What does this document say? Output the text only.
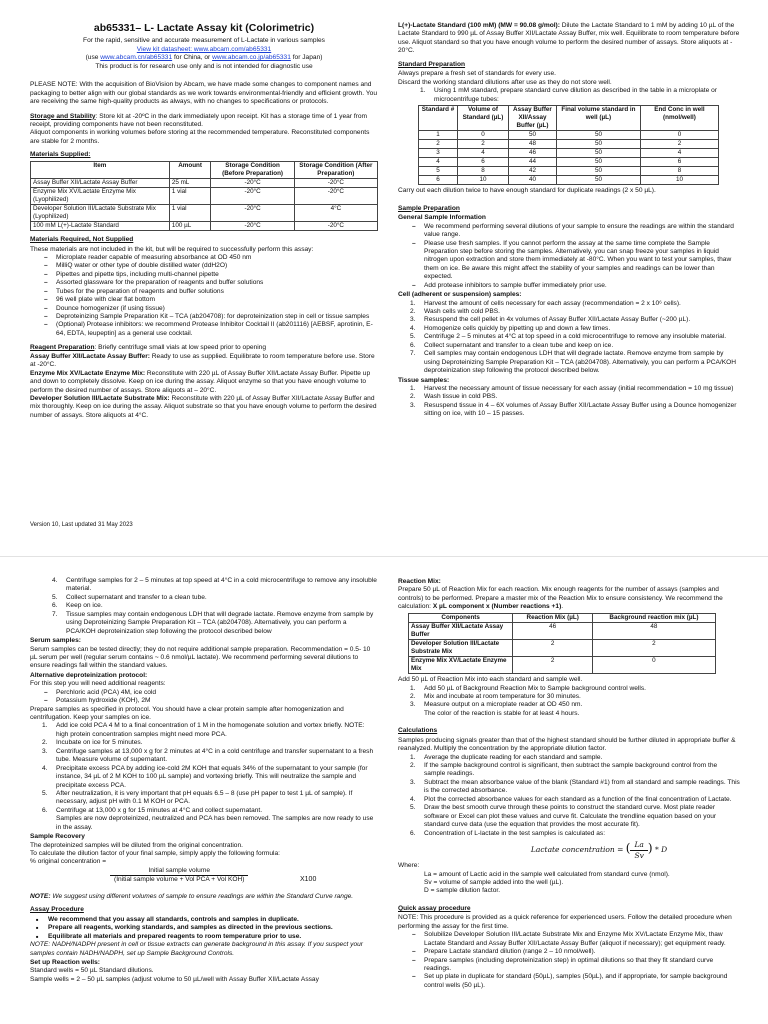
ab65331– L- Lactate Assay kit (Colorimetric)
For the rapid, sensitive and accurate measurement of L-Lactate in various samples
View kit datasheet: www.abcam.com/ab65331
(use www.abcam.cn/ab65331 for China, or www.abcam.co.jp/ab65331 for Japan)
This product is for research use only and is not intended for diagnostic use

PLEASE NOTE: With the acquisition of BioVision by Abcam, we have made some changes to component names and packaging to better align with our global standards as we work towards environmental-friendly and efficient growth. You are receiving the same high-quality products as always, with no changes to specifications or protocols.

Storage and Stability: Store kit at -20ºC in the dark immediately upon receipt. Kit has a storage time of 1 year from receipt, providing components have not been reconstituted.
Aliquot components in working volumes before storing at the recommended temperature. Reconstituted components are stable for 2 months.

Materials Supplied:
Item	Amount	Storage Condition (Before Preparation)	Storage Condition (After Preparation)
Assay Buffer XII/Lactate Assay Buffer	25 mL	-20°C	-20°C
Enzyme Mix XV/Lactate Enzyme Mix (Lyophilized)	1 vial	-20°C	-20°C
Developer Solution III/Lactate Substrate Mix (Lyophilized)	1 vial	-20°C	4°C
100 mM L(+)-Lactate Standard	100 µL	-20°C	-20°C
Materials Required, Not Supplied
These materials are not included in the kit, but will be required to successfully perform this assay:
– Microplate reader capable of measuring absorbance at OD 450 nm
– MilliQ water or other type of double distilled water (ddH2O)
– Pipettes and pipette tips, including multi-channel pipette
– Assorted glassware for the preparation of reagents and buffer solutions
– Tubes for the preparation of reagents and buffer solutions
– 96 well plate with clear flat bottom
– Dounce homogenizer (if using tissue)
– Deproteinizing Sample Preparation Kit – TCA (ab204708): for deproteinization step in cell or tissue samples
– (Optional) Protease inhibitors: we recommend Protease Inhibitor Cocktail II (ab201116) [AEBSF, aprotinin, E-64, EDTA, leupeptin] as a general use cocktail.

Reagent Preparation: Briefly centrifuge small vials at low speed prior to opening

Assay Buffer XII/Lactate Assay Buffer: Ready to use as supplied. Equilibrate to room temperature before use. Store at -20°C.

Enzyme Mix XV/Lactate Enzyme Mix: Reconstitute with 220 µL of Assay Buffer XII/Lactate Assay Buffer. Pipette up and down to completely dissolve. Keep on ice during the assay. Aliquot enzyme so that you have enough volume to perform the desired number of assays. Store aliquots at – 20°C.

Developer Solution III/Lactate Substrate Mix: Reconstitute with 220 µL of Assay Buffer XII/Lactate Assay Buffer and mix thoroughly. Keep on ice during the assay. Aliquot substrate so that you have enough volume to perform the desired number of assays. Store aliquots at 4°C.

L(+)-Lactate Standard (100 mM) (MW = 90.08 g/mol): Dilute the Lactate Standard to 1 mM by adding 10 µL of the Lactate Standard to 990 µL of Assay Buffer XII/Lactate Assay Buffer, mix well. Equilibrate to room temperature before use. Aliquot standard so that you have enough volume to perform the desired number of assays. Store aliquots at - 20°C.

Standard Preparation
Always prepare a fresh set of standards for every use.
Discard the working standard dilutions after use as they do not store well.
1. Using 1 mM standard, prepare standard curve dilution as described in the table in a microplate or microcentrifuge tubes:
Standard #	Volume of Standard (µL)	Assay Buffer XII/Assay Buffer (µL)	Final volume standard in well (µL)	End Conc in well (nmol/well)
1	0	50	50	0
2	2	48	50	2
3	4	46	50	4
4	6	44	50	6
5	8	42	50	8
6	10	40	50	10
Carry out each dilution twice to have enough standard for duplicate readings (2 x 50 µL).
Sample Preparation
General Sample Information
– We recommend performing several dilutions of your sample to ensure the readings are within the standard value range.
– Please use fresh samples. If you cannot perform the assay at the same time complete the Sample Preparation step before storing the samples. Alternatively, you can snap freeze your samples in liquid nitrogen upon extraction and store them immediately at -80°C. When you want to test your samples, thaw them on ice. Be aware this might affect the stability of your samples and readings can be lower than expected.
– Add protease inhibitors to sample buffer immediately prior use.
Cell (adherent or suspension) samples:
1. Harvest the amount of cells necessary for each assay (recommendation = 2 x 10⁶ cells).
2. Wash cells with cold PBS.
3. Resuspend the cell pellet in 4x volumes of Assay Buffer XII/Lactate Assay Buffer (~200 µL).
4. Homogenize cells quickly by pipetting up and down a few times.
5. Centrifuge 2 – 5 minutes at 4°C at top speed in a cold microcentrifuge to remove any insoluble material.
6. Collect supernatant and transfer to a clean tube and keep on ice.
7. Cell samples may contain endogenous LDH that will degrade lactate. Remove enzyme from sample by using Deproteinizing Sample Preparation Kit – TCA (ab204708). Alternatively, you can perform a PCA/KOH deproteinization step following the protocol described below.
Tissue samples:
1. Harvest the necessary amount of tissue necessary for each assay (initial recommendation = 10 mg tissue)
2. Wash tissue in cold PBS.
3. Resuspend tissue in 4 – 6X volumes of Assay Buffer XII/Lactate Assay Buffer using a Dounce homogenizer sitting on ice, with 10 – 15 passes.
Version 10, Last updated 31 May 2023
4. Centrifuge samples for 2 – 5 minutes at top speed at 4°C in a cold microcentrifuge to remove any insoluble material.
5. Collect supernatant and transfer to a clean tube.
6. Keep on ice.
7. Tissue samples may contain endogenous LDH that will degrade lactate. Remove enzyme from sample by using Deproteinizing Sample Preparation Kit – TCA (ab204708). Alternatively, you can perform a PCA/KOH deproteinization step following the protocol described below
Serum samples:
Serum samples can be tested directly; they do not require additional sample preparation. Recommendation = 0.5- 10 µL serum per well (regular serum contains ~ 0.6 nmol/µL lactate). We recommend performing several dilutions to ensure readings fall within the standard values.
Alternative deproteinization protocol:
For this step you will need additional reagents:
– Perchloric acid (PCA) 4M, ice cold
– Potassium hydroxide (KOH), 2M
Prepare samples as specified in protocol. You should have a clear protein sample after homogenization and centrifugation. Keep your samples on ice.
1. Add ice cold PCA 4 M to a final concentration of 1 M in the homogenate solution and vortex briefly. NOTE: high protein concentration samples might need more PCA.
2. Incubate on ice for 5 minutes.
3. Centrifuge samples at 13,000 x g for 2 minutes at 4°C in a cold centrifuge and transfer supernatant to a fresh tube. Measure volume of supernatant.
4. Precipitate excess PCA by adding ice-cold 2M KOH that equals 34% of the supernatant to your sample (for instance, 34 µL of 2 M KOH to 100 µL sample) and vortexing briefly. This will neutralize the sample and precipitate excess PCA.
5. After neutralization, it is very important that pH equals 6.5 – 8 (use pH paper to test 1 µL of sample). If necessary, adjust pH with 0.1 M KOH or PCA.
6. Centrifuge at 13,000 x g for 15 minutes at 4°C and collect supernatant.
Samples are now deproteinized, neutralized and PCA has been removed. The samples are now ready to use in the assay.
Sample Recovery
The deproteinized samples will be diluted from the original concentration.
To calculate the dilution factor of your final sample, simply apply the following formula:
% original concentration =
$\frac{\text{Initial sample volume}}{\text{(Initial sample volume + Vol PCA + Vol KOH)}}$	X100

NOTE: We suggest using different volumes of sample to ensure readings are within the Standard Curve range.

Assay Procedure
■ We recommend that you assay all standards, controls and samples in duplicate.
■ Prepare all reagents, working standards, and samples as directed in the previous sections.
■ Equilibrate all materials and prepared reagents to room temperature prior to use.
NOTE: NADH/NADPH present in cell or tissue extracts can generate background in this assay. If you suspect your samples contain NADH/NADPH, set up Sample Background Controls.
Set up Reaction wells:
Standard wells = 50 µL Standard dilutions.
Sample wells = 2 – 50 µL samples (adjust volume to 50 µL/well with Assay Buffer XII/Lactate Assay
Reaction Mix:
Prepare 50 µL of Reaction Mix for each reaction. Mix enough reagents for the number of assays (samples and controls) to be performed. Prepare a master mix of the Reaction Mix to ensure consistency. We recommend the calculation: X µL component x (Number reactions +1).
Components	Reaction Mix (µL)	Background reaction mix (µL)
Assay Buffer XII/Lactate Assay Buffer	46	48
Developer Solution III/Lactate Substrate Mix	2	2
Enzyme Mix XV/Lactate Enzyme Mix	2	0
Add 50 µL of Reaction Mix into each standard and sample well.
1. Add 50 µL of Background Reaction Mix to Sample background control wells.
2. Mix and incubate at room temperature for 30 minutes.
3. Measure output on a microplate reader at OD 450 nm.
The color of the reaction is stable for at least 4 hours.
Calculations
Samples producing signals greater than that of the highest standard should be further diluted in appropriate buffer & reanalyzed. Multiply the concentration by the appropriate dilution factor.
1. Average the duplicate reading for each standard and sample.
2. If the sample background control is significant, then subtract the sample background control from the sample readings.
3. Subtract the mean absorbance value of the blank (Standard #1) from all standard and sample readings. This is the corrected absorbance.
4. Plot the corrected absorbance values for each standard as a function of the final concentration of Lactate.
5. Draw the best smooth curve through these points to construct the standard curve. Most plate reader software or Excel can plot these values and curve fit. Calculate the trendline equation based on your standard curve data (use the equation that provides the most accurate fit).
6. Concentration of L-lactate in the test samples is calculated as:
Lactate concentration = ( $\frac{La}{Sv}$ ) * D
Where:
La = amount of Lactic acid in the sample well calculated from standard curve (nmol).
Sv = volume of sample added into the well (µL).
D = sample dilution factor.
Quick assay procedure
NOTE: This procedure is provided as a quick reference for experienced users. Follow the detailed procedure when performing the assay for the first time.
– Solubilize Developer Solution III/Lactate Substrate Mix and Enzyme Mix XV/Lactate Enzyme Mix, thaw Lactate Standard and Assay Buffer XII/Lactate Assay Buffer (aliquot if necessary); get equipment ready.
– Prepare Lactate standard dilution (range 2 – 10 nmol/well).
– Prepare samples (including deproteinization step) in optimal dilutions so that they fit standard curve readings.
– Set up plate in duplicate for standard (50µL), samples (50µL), and if appropriate, for sample background control wells (50 µL).
